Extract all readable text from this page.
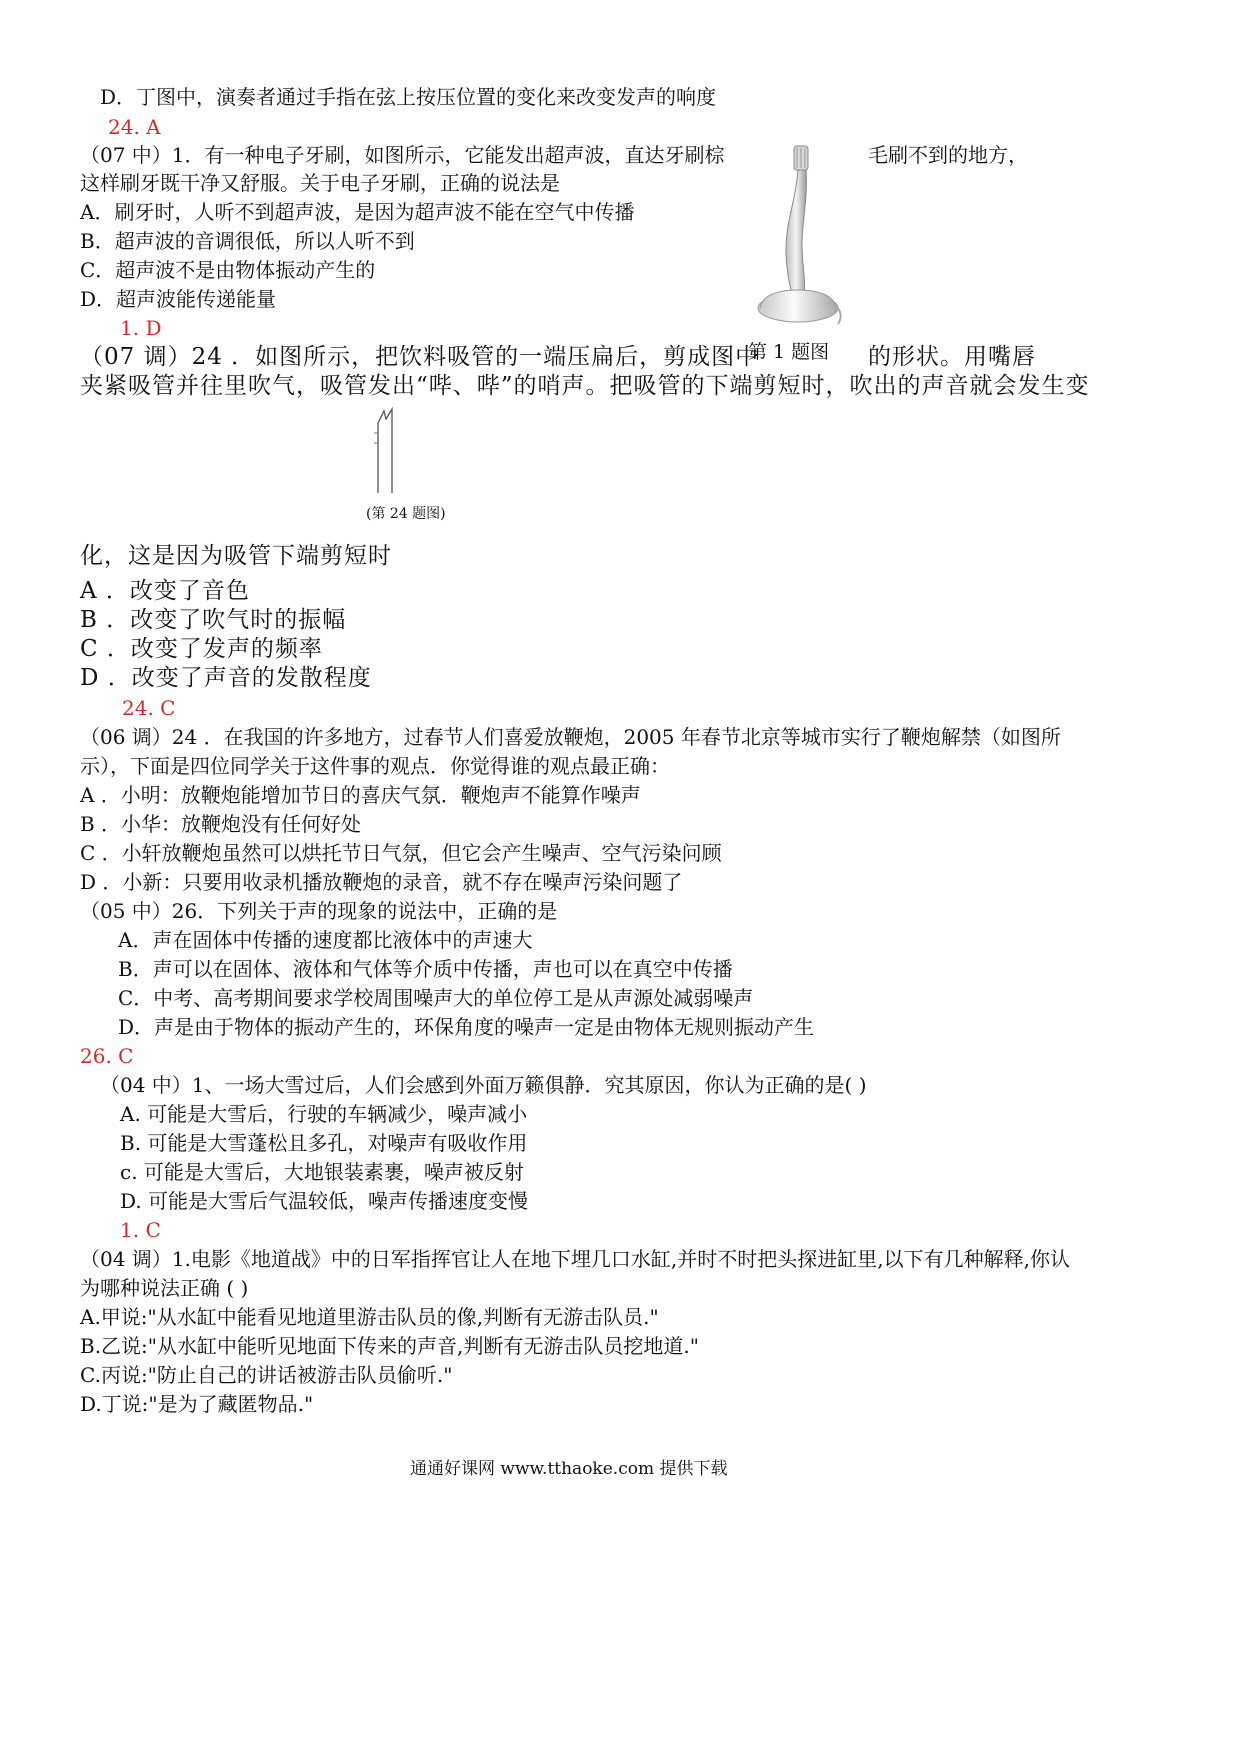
D．丁图中，演奏者通过手指在弦上按压位置的变化来改变发声的响度
24. A
（07 中）1．有一种电子牙刷，如图所示，它能发出超声波，直达牙刷棕	毛刷不到的地方，
这样刷牙既干净又舒服。关于电子牙刷，正确的说法是
A．刷牙时，人听不到超声波，是因为超声波不能在空气中传播
B．超声波的音调很低，所以人听不到
C．超声波不是由物体振动产生的
D．超声波能传递能量
1. D
第 1 题图
（07 调）24 ．如图所示，把饮料吸管的一端压扁后，剪成图中	的形状。用嘴唇
夹紧吸管并往里吹气，吸管发出“哔、哔”的哨声。把吸管的下端剪短时，吹出的声音就会发生变
(第 24 题图)
化，这是因为吸管下端剪短时
A ．改变了音色
B ．改变了吹气时的振幅
C ．改变了发声的频率
D ．改变了声音的发散程度
24. C
（06 调）24 ．在我国的许多地方，过春节人们喜爱放鞭炮，2005 年春节北京等城市实行了鞭炮解禁（如图所
示），下面是四位同学关于这件事的观点．你觉得谁的观点最正确：
A ．小明：放鞭炮能增加节日的喜庆气氛．鞭炮声不能算作噪声
B ．小华：放鞭炮没有任何好处
C ．小轩放鞭炮虽然可以烘托节日气氛，但它会产生噪声、空气污染问顾
D ．小新：只要用收录机播放鞭炮的录音，就不存在噪声污染问题了
（05 中）26．下列关于声的现象的说法中，正确的是
A．声在固体中传播的速度都比液体中的声速大
B．声可以在固体、液体和气体等介质中传播，声也可以在真空中传播
C．中考、高考期间要求学校周围噪声大的单位停工是从声源处减弱噪声
D．声是由于物体的振动产生的，环保角度的噪声一定是由物体无规则振动产生
26. C
（04 中）1、一场大雪过后，人们会感到外面万籁俱静．究其原因，你认为正确的是( )
A. 可能是大雪后，行驶的车辆减少，噪声减小
B. 可能是大雪蓬松且多孔，对噪声有吸收作用
c. 可能是大雪后，大地银装素裹，噪声被反射
D. 可能是大雪后气温较低，噪声传播速度变慢
1. C
（04 调）1.电影《地道战》中的日军指挥官让人在地下埋几口水缸,并时不时把头探进缸里,以下有几种解释,你认
为哪种说法正确 ( )
A.甲说:"从水缸中能看见地道里游击队员的像,判断有无游击队员."
B.乙说:"从水缸中能听见地面下传来的声音,判断有无游击队员挖地道."
C.丙说:"防止自己的讲话被游击队员偷听."
D.丁说:"是为了藏匿物品."
通通好课网 www.tthaoke.com 提供下载
